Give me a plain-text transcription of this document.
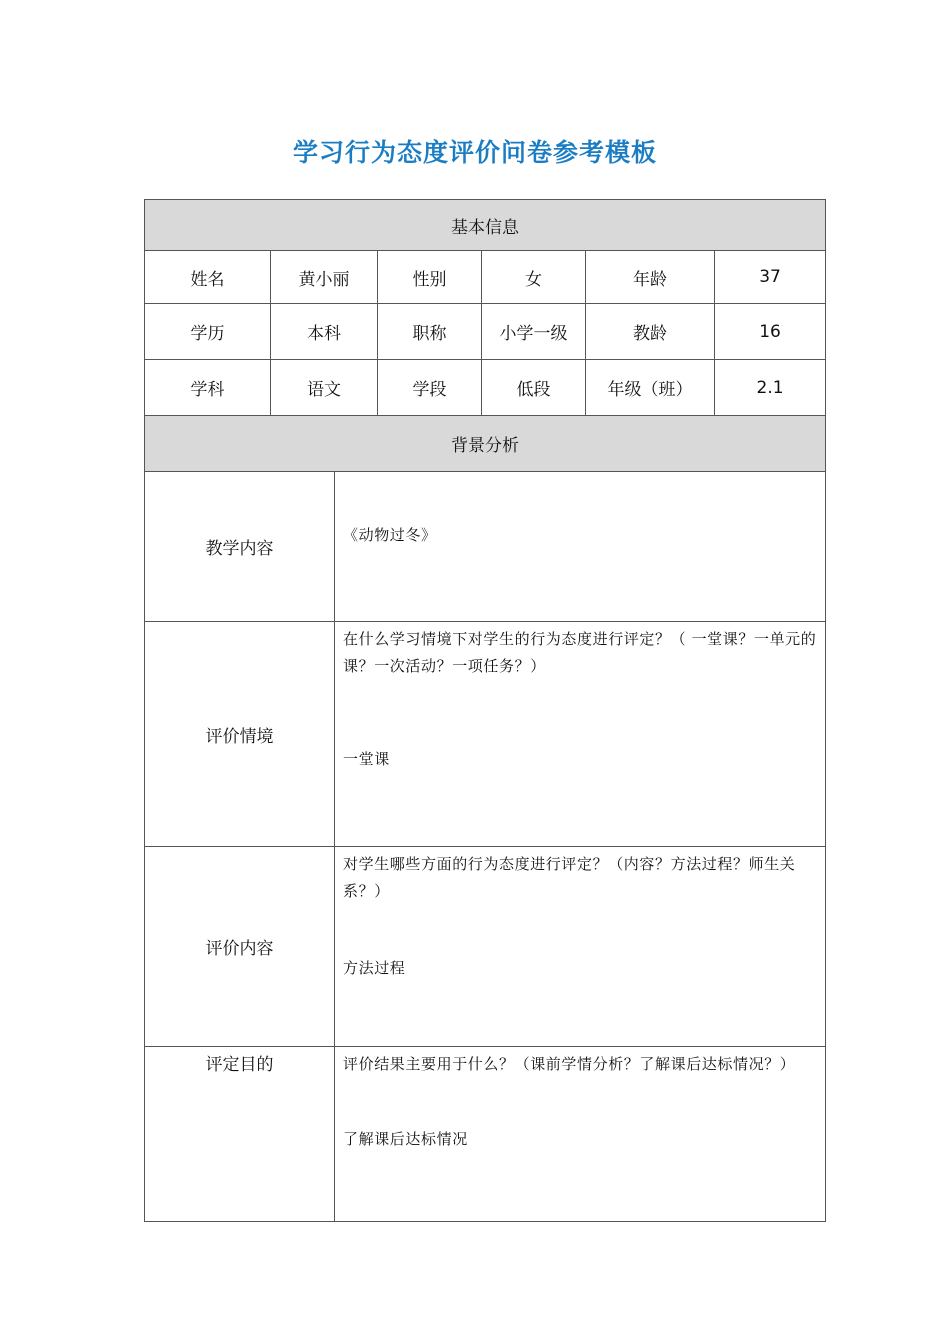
学习行为态度评价问卷参考模板
基本信息						
姓名	黄小丽		性别	女	年龄	37
学历	本科		职称	小学一级	教龄	16
学科	语文		学段	低段	年级（班）	2.1
背景分析						
教学内容		《动物过冬》				
评价情境		在什么学习情境下对学生的行为态度进行评定？（ 一堂课？一单元的课？一次活动？一项任务？）
一堂课				

评价内容		对学生哪些方面的行为态度进行评定？（内容？方法过程？师生关系？）
方法过程				

评定目的		评价结果主要用于什么？（课前学情分析？了解课后达标情况？）
了解课后达标情况				
